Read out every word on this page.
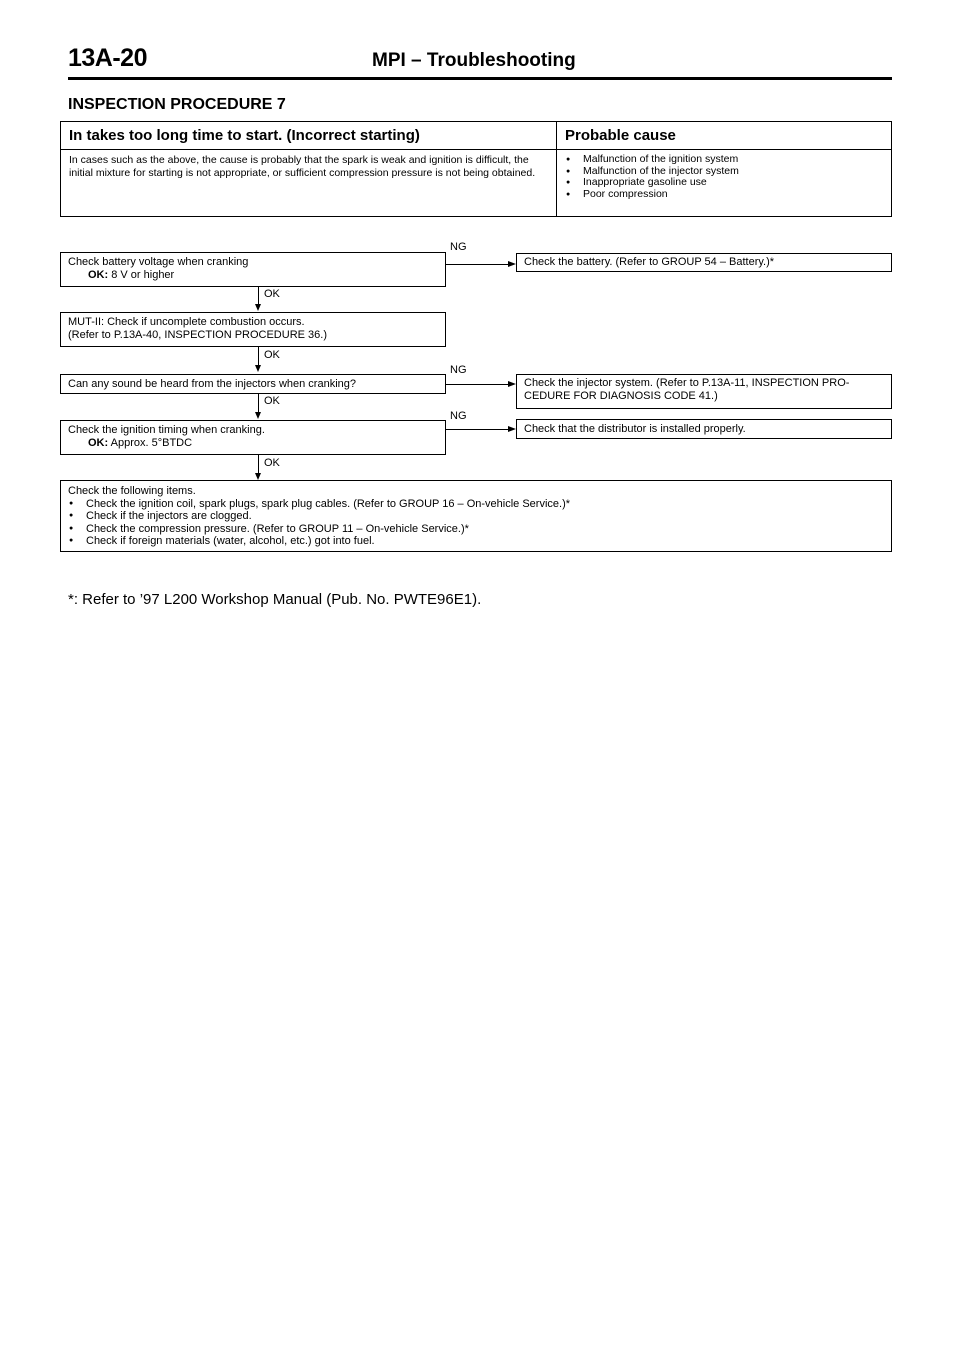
13A-20	MPI – Troubleshooting
INSPECTION PROCEDURE 7
In takes too long time to start. (Incorrect starting)
In cases such as the above, the cause is probably that the spark is weak and ignition is difficult, the initial mixture for starting is not appropriate, or sufficient compression pressure is not being obtained.
Probable cause
● Malfunction of the ignition system
● Malfunction of the injector system
● Inappropriate gasoline use
● Poor compression
Check battery voltage when cranking
OK: 8 V or higher
NG
Check the battery. (Refer to GROUP 54 – Battery.)*
OK
MUT-II: Check if uncomplete combustion occurs.
(Refer to P.13A-40, INSPECTION PROCEDURE 36.)
OK
Can any sound be heard from the injectors when cranking?
NG
Check the injector system. (Refer to P.13A-11, INSPECTION PRO-
CEDURE FOR DIAGNOSIS CODE 41.)
OK
Check the ignition timing when cranking.
OK: Approx. 5°BTDC
NG
Check that the distributor is installed properly.
OK
Check the following items.
● Check the ignition coil, spark plugs, spark plug cables. (Refer to GROUP 16 – On-vehicle Service.)*
● Check if the injectors are clogged.
● Check the compression pressure. (Refer to GROUP 11 – On-vehicle Service.)*
● Check if foreign materials (water, alcohol, etc.) got into fuel.
*: Refer to ’97 L200 Workshop Manual (Pub. No. PWTE96E1).
